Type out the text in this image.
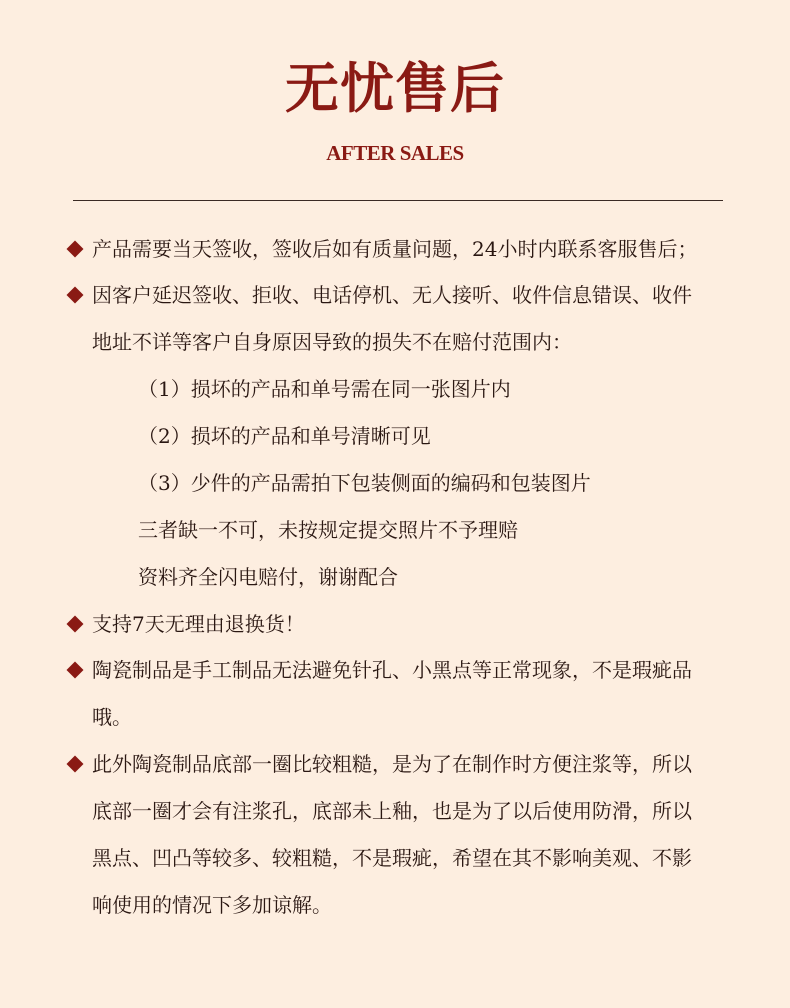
无忧售后
AFTER SALES
产品需要当天签收，签收后如有质量问题，24小时内联系客服售后；
因客户延迟签收、拒收、电话停机、无人接听、收件信息错误、收件
地址不详等客户自身原因导致的损失不在赔付范围内：
（1）损坏的产品和单号需在同一张图片内
（2）损坏的产品和单号清晰可见
（3）少件的产品需拍下包装侧面的编码和包装图片
三者缺一不可，未按规定提交照片不予理赔
资料齐全闪电赔付，谢谢配合
支持7天无理由退换货！
陶瓷制品是手工制品无法避免针孔、小黑点等正常现象，不是瑕疵品
哦。
此外陶瓷制品底部一圈比较粗糙，是为了在制作时方便注浆等，所以
底部一圈才会有注浆孔，底部未上釉，也是为了以后使用防滑，所以
黑点、凹凸等较多、较粗糙，不是瑕疵，希望在其不影响美观、不影
响使用的情况下多加谅解。
